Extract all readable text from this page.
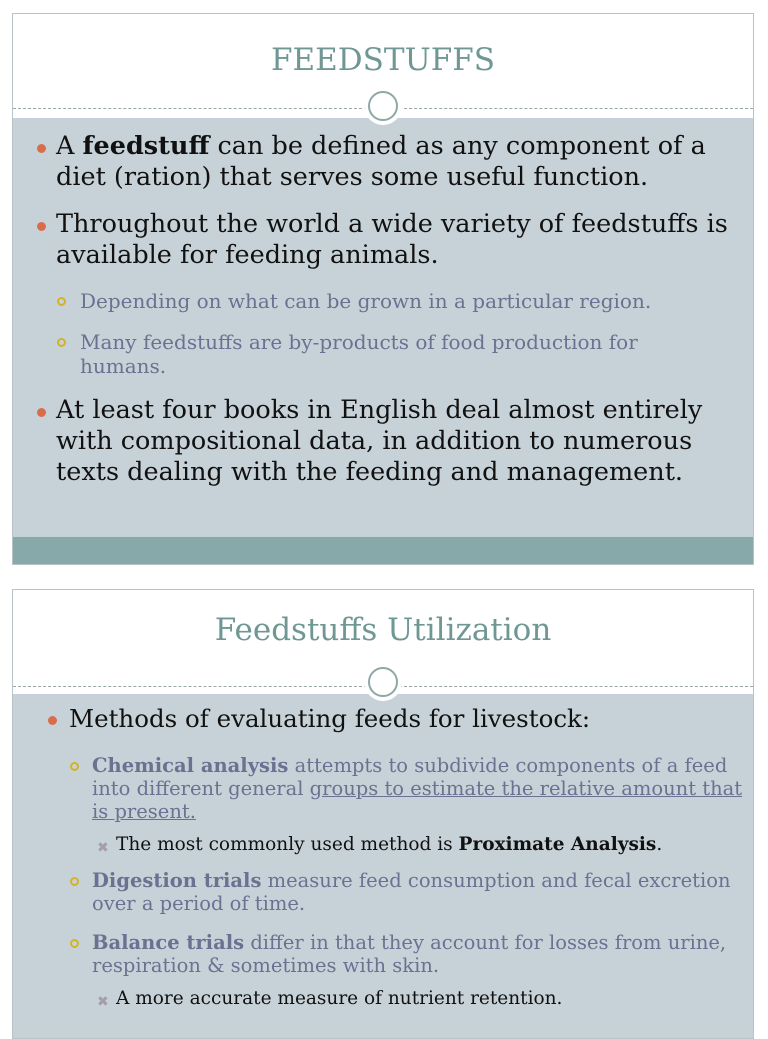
FEEDSTUFFS
A feedstuff can be defined as any component of a
diet (ration) that serves some useful function.
Throughout the world a wide variety of feedstuffs is
available for feeding animals.
Depending on what can be grown in a particular region.
Many feedstuffs are by-products of food production for
humans.
At least four books in English deal almost entirely
with compositional data, in addition to numerous
texts dealing with the feeding and management.
Feedstuffs Utilization
Methods of evaluating feeds for livestock:
Chemical analysis attempts to subdivide components of a feed
into different general groups to estimate the relative amount that
is present.
✖ The most commonly used method is Proximate Analysis.
Digestion trials measure feed consumption and fecal excretion
over a period of time.
Balance trials differ in that they account for losses from urine,
respiration & sometimes with skin.
✖ A more accurate measure of nutrient retention.
